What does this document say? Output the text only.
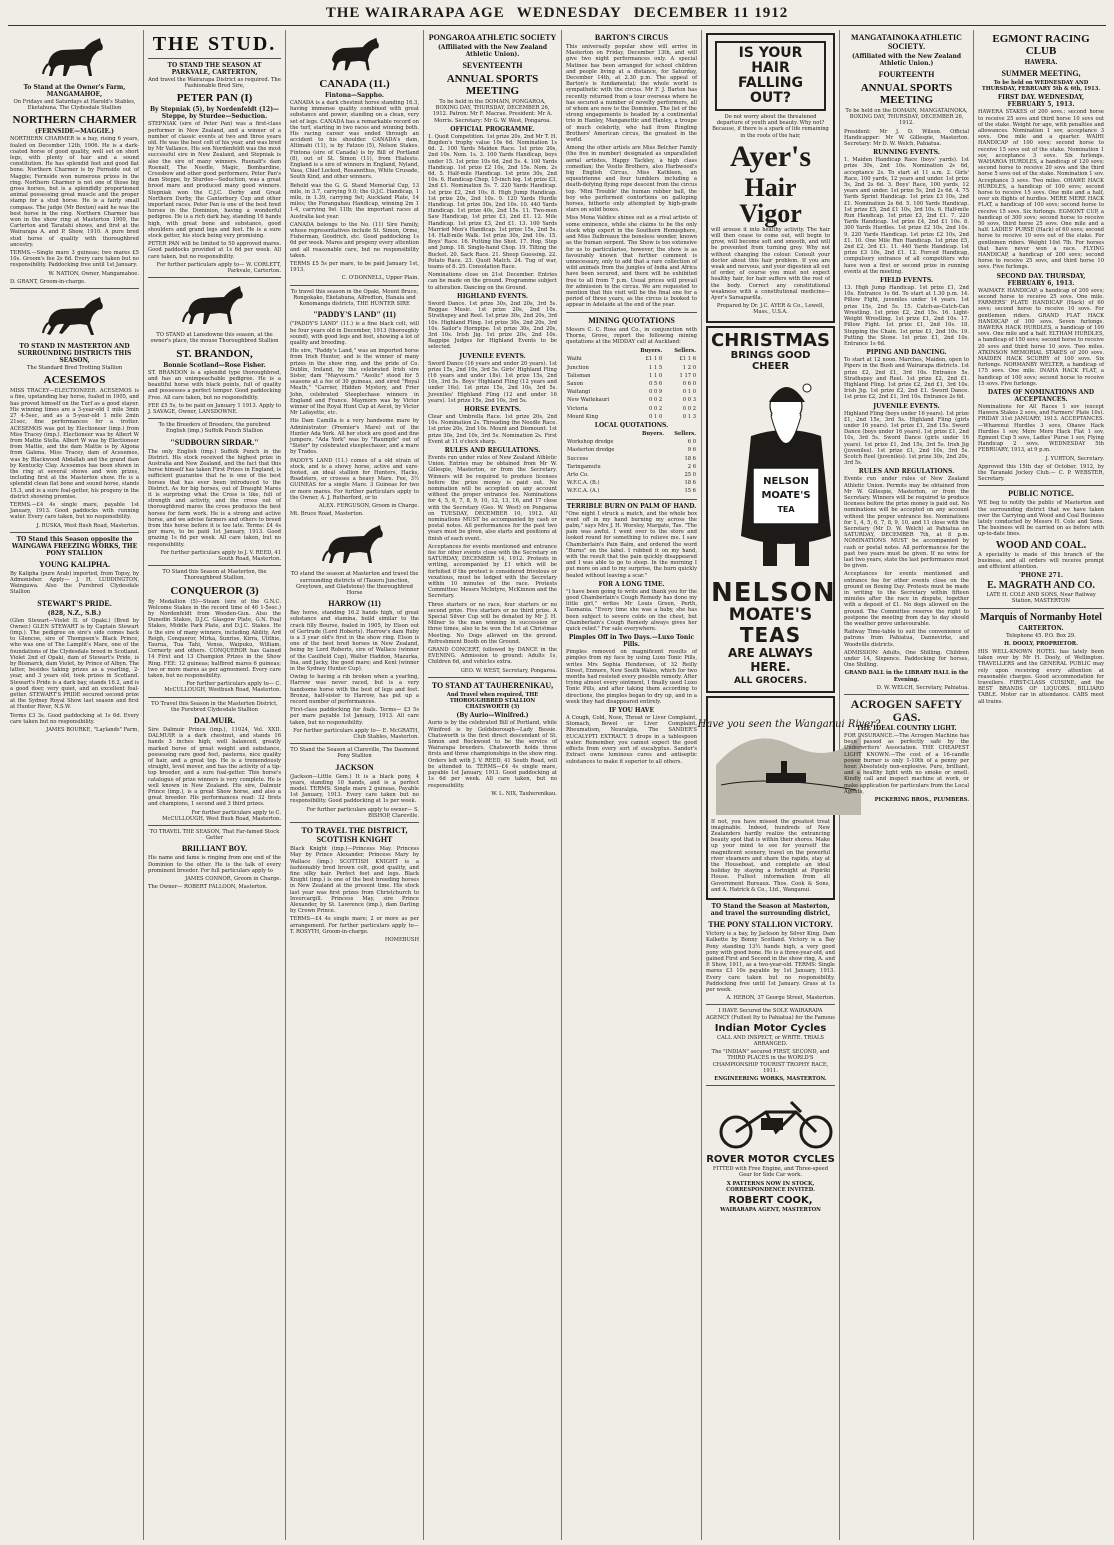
THE WAIRARAPA AGE WEDNESDAY DECEMBER 11 1912
To Stand at the Owner's Farm, MANGAMAHOE,

On Fridays and Saturdays at Harold's Stables, Eketahuna, The Clydesdale Stallion

NORTHERN CHARMER
(FERNSIDE—MAGGIE.)

NORTHERN CHARMER is a bay, rising 6 years, foaled on December 12th, 1906. He is a dark-coated horse of good quality, well set on short legs, with plenty of hair and a sound constitution. He has splendid feet and good flat bone. Northern Charmer is by Fernside out of Maggie; Fernside won numerous prizes in the ring. Northern Charmer is not one of those big gross horses, but is a splendidly proportioned animal possessing great muscle and the proper stamp for a stud horse. He is a fairly small compass. The judge (Mr Boxton) said he was the best horse in the ring. Northern Charmer has won in the show ring at Masterton 1909, the Carterton and Taratahi shows, and first at the Wairarapa A. and P. Show, 1910. A pure bred stud horse of quality with thoroughbred ancestry.

TERMS.—Single mare 3 guineas; two mares £5 10s. Groom's fee 2s 6d. Every care taken but no responsibility. Paddocking free until 1st January.

W. NATION, Owner, Mangamahoe.

D. GRANT, Groom-in-charge.

TO STAND IN MASTERTON AND SURROUNDING DISTRICTS THIS SEASON,

The Standard Bred Trotting Stallion

ACESEMOS

MISS TRACEY—ELECTIONEER. ACESEMOS is a fine, upstanding bay horse, foaled in 1905, and has proved himself on the Turf as a good stayer. His winning times are a 3-year-old 1 mile 3min 27 4-5sec, and as a 5-year-old 1 mile 2min 21sec, fine performances for a trotter. ACESEMOS was got by Electioneer (imp.) from Miss Tracey (imp.). Electioneer was by Albert W from Mattie Stella. Albert W was by Electioneer from Mattie, and the dam Mattie is by Algona from Galena. Miss Tracey, dam of Acesemos, was by Blackwood Abdallah and the grand dam by Kentucky Clay. Acesemos has been shown in the ring at several shows and won prizes, including first at the Masterton show. He is a splendid clean flat bone and sound horse, stands 15.3, and is a sure foal-getter, his progeny in the district showing promise.

TERMS.—£4 4s single mare, payable 1st January, 1913. Good paddocks with running water. Every care taken, but no responsibility.

J. RUSKA, West Bush Road, Masterton.

TO Stand this Season opposite the WAINGAWA FREEZING WORKS, THE PONY STALLION
YOUNG KALIPHA.

By Kalipha (pure Arab) imported, from Topsy, by Admonisher. Apply— J. H. LUDDINGTON, Waingawa. Also the Purebred Clydesdale Stallion

STEWART'S PRIDE.
(828, N.Z., S.B.)

(Glen Stewart—Violet II. of Opaki.) (Bred by Owner.) GLEN STEWART is by Captain Stewart (imp.). The pedigree on sire's side comes back to Glencoe, sire of Thompson's Black Prince, who was one of The Lamplit's Mare, one of the foundations of the Clydesdale breed in Scotland. Violet 2nd of Opaki, dam of Stewart's Pride, is by Bismarck, dam Violet, by Prince of Albyn. The latter, besides taking prizes as a yearling, 2-year, and 3 years old, took prizes in Scotland. Stewart's Pride is a dark bay, stands 16.2, and is a good doer, very quiet, and an excellent foal-getter. STEWART'S PRIDE secured second prize at the Sydney Royal Show last season and first at Hunter River, N.S.W.

Terms £3 3s. Good paddocking at 1s 6d. Every care taken but no responsibility.

JAMES BOURKE, "Laylands" Farm,

THE STUD.
TO STAND THE SEASON AT PARKVALE, CARTERTON,

And travel the Wairarapa District as required. The Fashionable Bred Sire,

PETER PAN (I)
By Stepniak (5), by Nordenfeldt (12)—Steppe, by Sturdee—Seduction.

STEPNIAK (sire of Peter Pan) was a first-class performer in New Zealand, and a winner of a number of classic events at two and three years old. He was the best colt of his year, and was bred by Mr Vallance. His son Nordenfeldt was the most successful sire in New Zealand, and Stepniak is also the sire of many winners. Ruenalf's dam Ruenalf, The Needle, Magic, Bombardine, Crossbow and other good performers. Peter Pan's dam Steppe, by Sturdee—Seduction, was a great brood mare and produced many good winners. Stepniak won the C.J.C. Derby and Great Northern Derby, the Canterbury Cup and other important races. Peter Pan is one of the best bred horses in the Dominion, having a wonderful pedigree. He is a rich dark bay, standing 16 hands high, with great bone and substance, good shoulders and grand legs and feet. He is a sure stock getter, his stock being very promising.

PETER PAN will be limited to 50 approved mares. Good paddocks provided at 1s 6d per week. All care taken, but no responsibility.

For further particulars apply to— W. CORLETT, Parkvale, Carterton.

TO STAND at Lansdowne this season, at the owner's place, the mouse Thoroughbred Stallion

ST. BRANDON,
Bonnie Scotland—Rose Fisher.

ST. BRANDON is a splendid type thoroughbred, and has an unimpeachable pedigree. He is a beautiful horse with black points, full of quality and possesses a perfect temper. Good paddocking Free. All care taken, but no responsibility.

FEE £5 5s, to be paid on January 1 1913. Apply to J. SAVAGE, Owner, LANSDOWNE.

To the Breeders of Breeders, the purebred English (imp.) Suffolk Punch Stallion

"SUDBOURN SIRDAR."

The only English (imp.) Suffolk Punch in the District. His stock received the highest prize in Australia and New Zealand, and the fact that this horse himself has taken First Prizes in England, is sufficient guarantee that he is one of the best horses that has ever been introduced to the District. As for big horses, out of Draught Mares it is surprising what the Cross is like, full of strength and activity, and the cross out of thoroughbred mares the cross produces the best horses for farm work. He is a strong and active horse, and we advise farmers and others to breed from this horse before it is too late. Terms: £4 4s per mare, to be paid 1st January, 1913. Good grazing 1s 6d per week. All care taken, but no responsibility.

For further particulars apply to J. V. REED, 41 South Road, Masterton.

TO Stand this Season at Masterton, the Thoroughbred Stallion,

CONQUEROR (3)

By Medallion (5)—Steam (sire of the G.N.C. Welcome Stakes in the record time of 46 1-5sec.) by Nordenfeldt from Wooden-Gun. Also the Dunedin Stakes, D.J.C. Glasgow Plate, G.N. Foal Stakes, Middle Park Plate, and D.J.C. Stakes. He is the sire of many winners, including Ability, Ard Reigh, Conqueror, Mirka, Sunrise, Kirra, Ulithie, Taurua, Tua Tahi, Venus, Waipuku, William, Cornerty and others. CONQUEROR has Gained 14 First and 13 Champion Prizes in the Show Ring. FEE: 12 guineas; halfbred mares 6 guineas; two or more mares as per agreement. Every care taken, but no responsibility.

For further particulars apply to— C. McCULLOUGH, Westbush Road, Masterton.

TO Travel this Season in the Masterton District, the Purebred Clydesdale Stallion

DALMUIR.

Sire Dalmuir Prince (imp.), 11024, Vol. XXII. DALMUIR is a dark chestnut, and stands 16 hands 3 inches high, well balanced, greatly marked horse of great weight and substance, possessing rare good feet, pasterns, nice quality of hair, and a great top. He is a tremendously straight, level mover, and has the activity of a tip-top breeder, and a sure foal-getter. This horse's catalogue of prize winners is very complete. He is well known in New Zealand. His sire, Dalmuir Prince (imp.), is a great Show horse, and also a great breeder. His performances read: 32 firsts and champions, 1 second and 3 third prizes.

For further particulars apply to C. McCULLOUGH, West Bush Road, Masterton.

TO TRAVEL THE SEASON, That Far-famed Stock Getter

BRILLIANT BOY.

His name and fame is ringing from one end of the Dominion to the other. He is the talk of every prominent breeder. For full particulars apply to

JAMES CONNOR, Groom in Charge.

The Owner— ROBERT FALLOON, Masterton.

CANADA (11.)
Fintona—Sappho.

CANADA is a dark chestnut horse standing 16.3, having immense quality combined with great substance and power, standing on a clean, very set of legs. CANADA has a remarkable record on the turf, starting in two races and winning both. His racing career was ended through an accident to his shoulder. CANADA's dam, Altimahi (11), is by Fatzoo (5), Nelson Stakes. Fintona (sire of Canada) is by Bill of Portland (8), out of St. Simon (11), from Hialesto. England is a sire of winners in England, Nyland, Vasa, Chief Locked, Rosannthus, White Crusade, South Kind, and other winners.

Behold was the G. G. Stand Memorial Cup, 13 mile, in 3.7, carrying 9.0; the O.J.C. Handicap, 1 mile, in 1.39, carrying 9st; Auckland Plate, 14 miles; the Forangahau Handicap, winning 2m 1 1-4, carrying 9st 11lb; the important races at Australia last year.

CANADA belongs to the No. (11) Sire Family, whose representatives include St. Simon, Orme, Fisherman, Goodrich, etc. Good paddocking 1s 6d per week. Mares and progeny every attention and all reasonable care, but no responsibility taken.

TERMS £5 5s per mare, to be paid January 1st, 1913.

C. O'DONNELL, Upper Plain.

To travel this season in the Opaki, Mount Bruce, Rongokako, Eketahuna, Alfredton, Hanaia and Konomanga districts, THE HUNTER SIRE

"PADDY'S LAND" (11)

("PADDY'S LAND" (11.) is a fine black colt, will be four years old in December, 1913 (thoroughly sound), with good legs and feet, showing a lot of quality and breeding.

His sire, "Paddy's Land," was an imported horse from Irish Hunter, and is the winner of many prizes in the show ring, and the pride of Co. Dublin, Ireland, by the celebrated Irish sire Sister, dam "Mayvourn." "Aeolic" stood for 5 seasons at a fee of 30 guineas, and sired "Royal Meath," "Carrier, Hidden Mystery, and Frier John, celebrated Steeplechase winners in England and France. Maymorn was by Victor winner of the Royal Hunt Cup at Ascot, by Victor Mr Lafayette, etc.

His Dam Camilla is a very handsome mare by Administrator (Premier's Mare) out of the Hunter Ada York. All her stock are good and fine jumpers. "Ada York" was by "Raumpfe" out of "Sister" by celebrated steeplechaser, and a mare by Trades.

PADDY'S LAND (11.) comes of a old strain of stock, and is a showy horse, active and sure-footed, an ideal stallion for Hunters, Hacks, Roadsters, or crosses a heavy Mare. Fee, 3½ GUINEAS for a single Mare. 3 Guineas for two or more mares. For further particulars apply to the Owner, A. J. Rutherford, or to

ALEX. FERGUSON, Groom in Charge.

Mt. Bruce Road, Masterton.

TO stand the season at Masterton and travel the surrounding districts of (Taueru Junction, Greytown, and Gladstone) the thoroughbred Horse

HARROW (11)

Bay horse, standing 16.2 hands high, of great substance and stamina, build similar to the crack filly Bourse, foaled in 1905, by Elson out of Gertrude (Lord Hoberts). Harrow's dam Ruby is a 3 year old's first in the show ring. Elson is one of the best bred horses in New Zealand, being by Lord Roberts, sire of Wallace (winner of the Caulfield Cup), Walter Haddon, Mazurka, Ina, and Jacky, the good mare; and Kent (winner in the Sydney Hunter Cup).

Owing to having a rib broken when a yearling, Harrow was never raced, but is a very handsome horse with the best of legs and feet. Bronze, half-sister to Harrow, has put up a record number of performances.

First-class paddocking for foals. Terms— £3 5s per mare payable 1st January, 1913. All care taken, but no responsibility.

For further particulars apply to— E. McGRATH, Club Stables, Masterton.

TO Stand the Season at Clareville, The Dasmond Pony Stallion

JACKSON

(Jackson—Little Gem.) It is a black pony, 4 years, standing 10 hands, and is a perfect model. TERMS: Single mare 2 guineas, Payable 1st January, 1913. Every care taken but no responsibility. Good paddocking at 1s per week.

For further particulars apply to owner— S. BISHOP, Clareville.

TO TRAVEL THE DISTRICT, SCOTTISH KNIGHT

Black Knight (imp.)—Princess May. Princess May by Prince Alexander, Princess Mary by Wallace (imp.) SCOTTISH KNIGHT is a fashionably bred brown colt, good quality, and fine silky hair. Perfect feet and legs. Black Knight (imp.) is one of the best breeding horses in New Zealand at the present time. His stock last year was first prizes from Christchurch to Invercargill. Princess May, sire Prince Alexander, by St. Lawrence (imp.), dam Darling by Crown Prince.

TERMS—£4 4s single mare; 2 or more as per arrangement. For further particulars apply to— T. ROSYTH, Groom-in-charge.

HOMEBUSH

PONGAROA ATHLETIC SOCIETY
(Affiliated with the New Zealand Athletic Union).
SEVENTEENTH
ANNUAL SPORTS MEETING

To be held in the DOMAIN, PONGAROA, BOXING DAY, THURSDAY, DECEMBER 26, 1912. Patron: Mr F. Macrae. President: Mr A. Morris. Secretary: Mr G. W. West, Pongaroa.

OFFICIAL PROGRAMME.

1. Quoit Competition. 1st prize 20s, 2nd Mr T. H. Bugden's trophy value 10s 6d. Nomination 1s 6d. 2. 100 Yards Maiden Race. 1st prize 20s, 2nd 10s. Nom. 1s. 3. 100 Yards Handicap, boys under 15. 1st prize 10s 6d, 2nd 5s. 4. 100 Yards Handicap. 1st prize £2 10s, 2nd 15s. Nom. 2s 6d. 5. Half-mile Handicap. 1st prize 30s, 2nd 10s. 6. Handicap Chop, 15-inch log. 1st prize £3, 2nd £1. Nomination 5s. 7. 220 Yards Handicap. 1st prize £2, 2nd 10s. 8. High Jump Handicap. 1st prize 20s, 2nd 10s. 9. 120 Yards Hurdle Handicap. 1st prize 30s, 2nd 10s. 10. 440 Yards Handicap. 1st prize 40s, 2nd 15s. 11. Two-men Saw Handicap, 1st prize £3, 2nd £1. 12. Mile Handicap. 1st prize £3, 2nd £1. 13. 100 Yards Married Men's Handicap. 1st prize 15s, 2nd 5s. 14. Half-mile Walk. 1st prize 30s, 2nd 10s. 15. Boys' Race. 16. Putting the Shot. 17. Hop, Step and Jump. 18. Single-hand Chop. 19. Tilting the Bucket. 20. Sack Race. 21. Sheep Guessing. 22. Potato Race. 23. Quoit Match. 24. Tug of war, teams of 8. 25. Consolation Race.

Nominations close on 21st December. Entries can be made on the ground. Programme subject to alteration. Dancing on the Ground.

HIGHLAND EVENTS.

Sword Dance. 1st prize 30s, 2nd 20s, 3rd 5s. Reggae Music. 1st prize 20s, 2nd 10s. Strathspey and Reel. 1st prize 30s, 2nd 20s, 3rd 10s. Highland Fling. 1st prize 30s, 2nd 20s, 3rd 10s. Sailor's Hornpipe. 1st prize 30s, 2nd 20s, 3rd 10s. Irish Jig. 1st prize 20s, 2nd 10s. Bagpipe Judges for Highland Events to be selected.

JUVENILE EVENTS.

Sword Dance (16 years and under 20 years). 1st prize 15s, 2nd 10s, 3rd 5s. Girls' Highland Fling (16 years and under 18s). 1st prize 15s, 2nd 10s, 3rd 5s. Boys' Highland Fling (12 years and under 16s). 1st prize 15s, 2nd 10s, 3rd 5s. Juveniles' Highland Fling (12 and under 16 years). 1st prize 15s, 2nd 10s, 3rd 5s.

HORSE EVENTS.

Clear and Umbrella Race. 1st prize 20s, 2nd 10s. Nomination 2s. Threading the Needle Race. 1st prize 20s, 2nd 10s. Mount and Dismount. 1st prize 30s, 2nd 10s, 3rd 5s. Nomination 2s. First Event at 11 o'clock sharp.

RULES AND REGULATIONS.

Events run under rules of New Zealand Athletic Union. Entries may be obtained from Mr W. Gillespie, Masterton, or from the Secretary. Winners will be required to produce licenses before the prize money is paid out. No nomination will be accepted on any account without the proper entrance fee. Nominations for 4, 5, 6, 7, 8, 9, 10, 12, 13, 16, and 17 close with the Secretary (Geo. W. West) on Pongaroa on TUESDAY, DECEMBER 10, 1912. All nominations MUST be accompanied by cash or postal notes. All performances for the past two years must be given, also starts and positions at finish of each event.

Acceptances for events mentioned and entrance fee for other events close with the Secretary on SATURDAY, DECEMBER 14, 1912. Protests in writing, accompanied by £1 which will be forfeited if the protest is considered frivolous or vexatious, must be lodged with the Secretary within 10 minutes of the race. Protests Committee: Messrs McIntyre, McKinnon and the Secretary.

Three starters or no race, four starters or no second prize. Five starters or no third prize. A Special Silver Cup will be donated by Mr J. H. Milner to the man winning in succession or three times, also to be won the 1st at Christmas Meeting. No Dogs allowed on the ground. Refreshment Booth on the Ground.

GRAND CONCERT, followed by DANCE in the EVENING. Admission to ground: Adults 1s, Children 6d, and vehicles extra.

GEO. W. WEST, Secretary, Pongaroa.

TO STAND AT TAUHERENIKAU,

And Travel when required, THE THOROUGHBRED STALLION CHATSWORTH (3)

(By Aurio—Winifred.)

Aurio is by the celebrated Bill of Portland, while Winifred is by Goldsborough—Lady Bessie. Chatsworth is the first direct descendant of St. Simon and Rockwood to be the service of Wairarapa breeders. Chatsworth holds three firsts and three championships in the show ring. Orders left with J. V. REED, 41 South Road, will be attended to. TERMS—£4 4s single mare, payable 1st January, 1913. Good paddocking at 1s 6d per week. All care taken, but no responsibility.

W. L. NIX, Tauherenikau.

BARTON'S CIRCUS

This universally popular show will arrive in Masterton on Friday, December 13th, and will give two night performances only. A special Matinee has been arranged for school children and people living at a distance, for Saturday, December 14th, at 2.30 p.m. The appeal of Barton's is fundamental; the whole world is sympathetic with the circus. Mr F. J. Barton has recently returned from a tour overseas where he has secured a number of novelty performers, all of whom are new to the Dominion. The list of the strong engagements is headed by a continental trio in Hanley, Manganettic and Hanley, a troupe of much celebrity, who hail from Ringling Brothers' American circus, the greatest in the world.

Among the other artists are Miss Belcher Family (the five in number) designated as unparalleled aerial artistes, Happy Tackley, a high class comedian; the Vosito Brothers, also Harbwood's big English Circus, Miss Kathleen, an equestrienne and four tumblers including a death-defying flying rope descent from the circus top. 'Mini Trouble' the human rubber ball, the boy who performed contortions on galloping horses, hitherto only attempted by high-grade stars on solid boxes.

Miss Mona Valdice shines out as a rival artiste of some eminence, while she claims to be the only stock whip expert in the Southern Hemisphere, and Miss Dalbreaux the boneless wonder, known as the human serpent. The Show is too extensive for us to particularise, however, the show is as favourably known that further comment is unnecessary, only to add that a rare collection of wild animals from the jungles of India and Africa have been secured, and there will be exhibited free to all from 7 p.m. Usual prices will prevail for admission to the circus. We are requested to mention that this visit will be the final one for a period of three years, as the circus is booked to appear in Adelaide at the end of the year.

MINING QUOTATIONS

Messrs C. C. Ross and Co., in conjunction with Thorne, Grove, report the following mining quotations at the MIDDAY call at Auckland:

	Buyers.	Sellers.
Waihi	£1 1 0	£1 1 6
Junction	1 1 5	1 2 0
Talisman	1 1 0	1 17 0
Saxon	0 5 6	0 6 0
Waitangi	0 0 9	0 1 0
New Waitekauri	0 0 2	0 0 3
Victoria	0 0 2	0 0 2
Mount King	0 1 0	0 1 3
LOCAL QUOTATIONS.
	Buyers.	Sellers.
Workshop dredge		6 0
Masterton dredge		9 6
Success		18 6
Taringamutu		2 6
Arto Co.		25 0
W.F.C.A. (B.)		18 6
W.F.C.A. (A.)		15 6
TERRIBLE BURN ON PALM OF HAND.

"One night I struck a match, and the whole box went off in my hand burning my across the palm," says Mrs J. H. Worsley, Margate, Tas. "The pain was awful. I went over to the store and looked round for something to relieve me. I saw Chamberlain's Pain Balm, and ordered the word "Burns" on the label. I rubbed it on my hand, with the result that the pain quickly disappeared and I was able to go to sleep. In the morning I put more on and to my surprise, the burn quickly healed without leaving a scar."

FOR A LONG TIME.

"I have been going to write and thank you for the good Chamberlain's Cough Remedy has done my little girl," writes Mr Louis Green, Perth, Tasmania. "Every time she was a baby, she has been subject to severe colds on the chest, but Chamberlain's Cough Remedy always gives her quick relief." For sale everywhere.

Pimples Off in Two Days.—Luxo Tonic Pills.

Pimples removed on magnificent results of pimples from my face by using Luxo Tonic Pills, writes Mrs Sophia Henderson, of 32 Reilly Street, Enmore, New South Wales, which for two months had resisted every possible remedy. After trying almost every ointment, I finally used Luxo Tonic Pills, and after taking them according to directions, the pimples began to dry up, and in a week they had disappeared entirely.

IF YOU HAVE

A Cough, Cold, Nose, Throat or Liver Complaint, Stomach, Bowel or Liver Complaint, Rheumatism, Neuralgia, The SANDER'S EUCALYPTI EXTRACT. 5 drops in a tablespoon water. Remember, you cannot expect the good effects from every sort of eucalyptus. Sander's Extract owns luminous cures and antiseptic substances to make it superior to all others.

IS YOUR HAIR FALLING OUT?

Do not worry about the threatened departure of youth and beauty. Why not? Because, if there is a spark of life remaining in the roots of the hair,

Ayer's
Hair Vigor

will arouse it into healthy activity. The hair will then cease to come out, will begin to grow, will become soft and smooth, and will be prevented from turning grey. Why not without changing the colour. Consult your doctor about this hair problem. If you are weak and nervous, and your digestion all out of order, of course you must not expect healthy hair, for hair suffers with the rest of the body. Correct any constitutional weakness with a constitutional medicine—Ayer's Sarsaparilla.

Prepared by Dr. J.C. AYER & Co., Lowell, Mass., U.S.A.

CHRISTMAS
BRINGS GOOD CHEER
NELSON
MOATE'S
TEA
NELSON
MOATE'S
TEAS
ARE ALWAYS HERE.
ALL GROCERS.
Have you seen the Wanganui River?

If not, you have missed the greatest treat imaginable. Indeed, hundreds of New Zealanders hardly realize the entrancing beauty spot that is within their shores. Make up your mind to see for yourself the magnificent scenery, travel on the powerful river steamers and share the rapids, stay at the Houseboat, and complete an ideal holiday by staying a fortnight at Pipiriki House. Fullest information from all Government Bureaux. Thos. Cook & Sons, and A. Hatrick & Co., Ltd., Wanganui.

TO Stand the Season at Masterton, and travel the surrounding district,
THE PONY STALLION VICTORY.

Victory is a bay, by Jackson by Silver King. Dam Kalkette by Bonny Scotland. Victory is a Bay Pony standing 13½ hands high, a very good pony with good bone. He is a three-year-old, and gained First and Second in the show ring, A. and P. Show, 1911, as a two-year-old. TERMS: Single mares £3 10s payable by 1st January, 1913. Every care taken but no responsibility. Paddocking free until 1st January. Grass at 1s per week.

A. HERON, 37 George Street, Masterton.

I HAVE Secured the SOLE WAIRARAPA AGENCY (Fullest Ity to Pahiatua) for the Famous

Indian Motor Cycles

CALL AND INSPECT, or WRITE. TRIALS ARRANGED.

The "INDIAN" secured FIRST, SECOND, and THIRD PLACES in the WORLD'S CHAMPIONSHIP TOURIST TROPHY RACE, 1911.

ENGINEERING WORKS, MASTERTON.

ROVER MOTOR CYCLES

FITTED with Free Engine, and Three-speed Gear for Side Car work.

X PATTERNS NOW IN STOCK, CORRESPONDENCE INVITED.

ROBERT COOK,

WAIRARAPA AGENT, MASTERTON

MANGATAINOKA ATHLETIC SOCIETY.
(Affiliated with the New Zealand Athletic Union.)
FOURTEENTH
ANNUAL SPORTS MEETING

To be held on the DOMAIN, MANGATAINOKA, BOXING DAY, THURSDAY, DECEMBER 26, 1912.

President: Mr J. D. Wilson. Official Handicapper: Mr W. Gillespie, Masterton. Secretary: Mr D. W. Welch, Pahiatua.

RUNNING EVENTS.

1. Maiden Handicap Race (boys' yards). 1st prize 30s, 2nd 10s. Nomination 2s 6d, acceptance 2s. To start at 11 a.m. 2. Girls' Race, 100 yards, 12 years and under. 1st prize 5s, 2nd 2s 6d. 3. Boys' Race, 100 yards, 12 years and under. 1st prize 5s, 2nd 2s 6d. 4. 75 Yards Sprint Handicap. 1st prize £3 10s, 2nd £1. Nomination 2s 6d. 5. 100 Yards Handicap. 1st prize £5, 2nd £1 10s, 3rd 10s. 6. Half-mile Run Handicap. 1st prize £3, 2nd £1. 7. 220 Yards Handicap. 1st prize £4, 2nd £1 10s. 8. 300 Yards Hurdles. 1st prize £2 10s, 2nd 10s. 9. 220 Yards Handicap. 1st prize £2 10s, 2nd £1. 10. One Mile Run Handicap. 1st prize £5, 2nd £2, 3rd £1. 11. 440 Yards Handicap. 1st prize £3 10s, 2nd £1. 12. Forced Handicap, compulsory entrance of all competitors who have won a first or second prize in running events at the meeting.

FIELD EVENTS.

13. High Jump Handicap. 1st prize £1, 2nd 10s. Entrance 1s 6d. To start at 1.30 p.m. 14. Pillow Fight, juveniles under 14 years. 1st prize 15s, 2nd 5s. 15. Catch-as-Catch-Can Wrestling. 1st prize £2, 2nd 15s. 16. Light-Weight Wrestling. 1st prize £1, 2nd 10s. 17. Pillow Fight. 1st prize £1, 2nd 10s. 18. Stepping the Chain. 1st prize £1, 2nd 10s. 19. Putting the Stone. 1st prize £1, 2nd 10s. Entrance 1s 6d.

PIPING AND DANCING.

To start at 12 noon. Marches, Maiden, open to Pipers in the Bush and Wairarapa districts. 1st prize £2, 2nd £1, 3rd 10s. Entrance 5s. Strathspey and Reel. 1st prize £2, 2nd £1. Highland Fling. 1st prize £2, 2nd £1, 3rd 10s. Irish Jig. 1st prize £2, 2nd £1. Sword Dance. 1st prize £2, 2nd £1, 3rd 10s. Entrance 2s 6d.

JUVENILE EVENTS.

Highland Fling (boys under 16 years). 1st prize £1, 2nd 15s, 3rd 5s. Highland Fling (girls under 16 years). 1st prize £1, 2nd 15s. Sword Dance (boys under 16 years). 1st prize £1, 2nd 10s, 3rd 5s. Sword Dance (girls under 16 years). 1st prize £1, 2nd 15s, 3rd 5s. Irish Jig (juveniles). 1st prize £1, 2nd 10s, 3rd 5s. Scotch Reel (juveniles). 1st prize 30s, 2nd 20s, 3rd 5s.

RULES AND REGULATIONS.

Events run under rules of New Zealand Athletic Union. Permits may be obtained from Mr W. Gillespie, Masterton, or from the Secretary. Winners will be required to produce licenses before the prize money is paid out. No nominations will be accepted on any account without the proper entrance fee. Nominations for 1, 4, 5, 6, 7, 8, 9, 10, and 11 close with the Secretary (Mr D. W. Welch) at Pahiatua on SATURDAY, DECEMBER 7th, at 8 p.m. NOMINATIONS MUST be accompanied by cash or postal notes. All performances for the past two years must be given. If no wins for last two years, state the last performance must be given.

Acceptances for events mentioned and entrance fee for other events close on the ground on Boxing Day. Protests must be made in writing to the Secretary within fifteen minutes after the race in dispute, together with a deposit of £1. No dogs allowed on the ground. The Committee reserve the right to postpone the meeting from day to day should the weather prove unfavourable.

Railway Time-table to suit the convenience of patrons from Pahiatua, Dannevirke, and Woodville districts.

ADMISSION: Adults, One Shilling. Children under 14, Sixpence. Paddocking for horses, One Shilling.

GRAND BALL in the LIBRARY HALL in the Evening.

D. W. WELCH, Secretary, Pahiatua.

ACROGEN SAFETY GAS.
THE IDEAL COUNTRY LIGHT.

FOR INSURANCE.—The Acrogen Machine has been passed as perfectly safe by the Underwriters' Association. THE CHEAPEST LIGHT KNOWN.—The cost of a 16-candle power burner is only 1-10th of a penny per hour. Absolutely non-explosive. Pure, brilliant, and a healthy light with no smoke or smell. Kindly call and inspect machine at work, or make application for particulars from the Local Agents,

PICKERING BROS., PLUMBERS.

EGMONT RACING CLUB
HAWERA.
SUMMER MEETING,

To be held on WEDNESDAY AND THURSDAY, FEBRUARY 5th & 6th, 1913.

FIRST DAY. WEDNESDAY, FEBRUARY 5, 1913.

HAWERA STAKES of 200 sovs.; second horse to receive 25 sovs and third horse 10 sovs out of the stake. Weight for age, with penalties and allowances. Nomination 1 sov, acceptance 3 sovs. One mile and a quarter. WAIHI HANDICAP of 100 sovs; second horse to receive 15 sovs out of the stake. Nomination 1 sov, acceptance 3 sovs. Six furlongs. WAHAROA HURDLES, a handicap of 120 sovs; second horse to receive 20 sovs and the third horse 5 sovs out of the stake. Nomination 1 sov. Acceptance 3 sovs. Two miles. OHAWE HACK HURDLES, a handicap of 100 sovs; second horse to receive 15 sovs. One mile and a half, over six flights of hurdles. MERE MERE HACK FLAT, a handicap of 100 sovs; second horse to receive 15 sovs. Six furlongs. EGMONT CUP, a handicap of 300 sovs; second horse to receive 50 sovs, third horse 25 sovs. One mile and a half. LADIES' PURSE (Hack) of 60 sovs; second horse to receive 10 sovs out of the stake. For gentlemen riders. Weight 10st 7lb. For horses that have never won a race. FLYING HANDICAP, a handicap of 200 sovs; second horse to receive 25 sovs, and third horse 10 sovs. Five furlongs.

SECOND DAY. THURSDAY, FEBRUARY 6, 1913.

WAIMATE HANDICAP, a handicap of 200 sovs; second horse to receive 25 sovs. One mile. FARMERS' PLATE HANDICAP (Hack) of 60 sovs; second horse to receive 10 sovs. For gentlemen riders. GRAND FLAT HACK HANDICAP of 100 sovs. Seven furlongs. HAWERA HACK HURDLES, a handicap of 100 sovs. One mile and a half. ELTHAM HURDLES, a handicap of 150 sovs; second horse to receive 20 sovs and third horse 10 sovs. Two miles. ATKINSON MEMORIAL STAKES of 200 sovs. MAIDEN HACK SCURRY of 100 sovs. Six furlongs. NORMANBY WELTER, a handicap of 175 sovs. One mile. INAHA HACK FLAT, a handicap of 100 sovs; second horse to receive 15 sovs. Five furlongs.

DATES OF NOMINATIONS AND ACCEPTANCES.

Nominations for All Races 1 sov (except Hawera Stakes 2 sovs, and Farmers' Plate 10s). FRIDAY 31st JANUARY, 1913. ACCEPTANCES.—Wharenui Hurdles 3 sovs, Ohawe Hack Hurdles 1 sov, Mere Mere Hack Flat 1 sov, Egmont Cup 5 sovs, Ladies' Purse 1 sov, Flying Handicap 2 sovs. WEDNESDAY 5th FEBRUARY, 1913, at 9 p.m.

J. YURTON, Secretary.

Approved this 15th day of October, 1912, by the Taranaki Jockey Club.— C. P. WEBSTER, Secretary.

PUBLIC NOTICE.

WE beg to notify the public of Masterton and the surrounding district that we have taken over the Carrying and Wood and Coal Business lately conducted by Messrs H. Cole and Sons. The business will be carried on as before with up-to-date lines.

WOOD AND COAL.

A speciality is made of this branch of the business, and all orders will receive prompt and efficient attention.

'PHONE 271.
E. MAGRATH AND CO.

LATE H. COLE AND SONS, Near Railway Station, MASTERTON

Marquis of Normanby Hotel
CARTERTON.

Telephone 45. P.O. Box 29.

H. DOOLY, PROPRIETOR.

HIS WELL-KNOWN HOTEL has lately been taken over by Mr H. Dooly, of Wellington. TRAVELLERS and the GENERAL PUBLIC may rely upon receiving every attention at reasonable charges. Good accommodation for travellers. FIRST-CLASS CUISINE, and the BEST BRANDS OF LIQUORS. BILLIARD TABLE. Motor car in attendance. CABS meet all trains.
